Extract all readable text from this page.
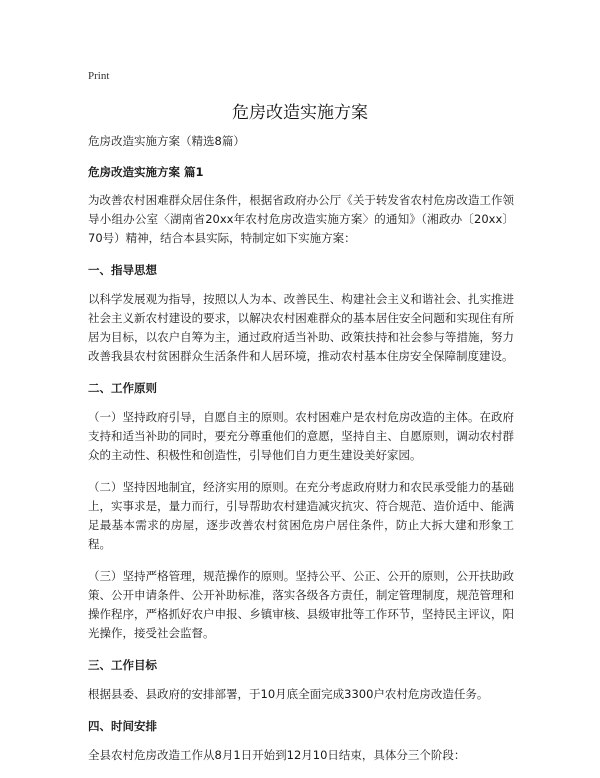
Print
危房改造实施方案

危房改造实施方案（精选8篇）

危房改造实施方案 篇1

为改善农村困难群众居住条件，根据省政府办公厅《关于转发省农村危房改造工作领导小组办公室〈湖南省20xx年农村危房改造实施方案〉的通知》（湘政办〔20xx〕70号）精神，结合本县实际，特制定如下实施方案：

一、指导思想

以科学发展观为指导，按照以人为本、改善民生、构建社会主义和谐社会、扎实推进社会主义新农村建设的要求，以解决农村困难群众的基本居住安全问题和实现住有所居为目标，以农户自筹为主，通过政府适当补助、政策扶持和社会参与等措施，努力改善我县农村贫困群众生活条件和人居环境，推动农村基本住房安全保障制度建设。

二、工作原则

（一）坚持政府引导，自愿自主的原则。农村困难户是农村危房改造的主体。在政府支持和适当补助的同时，要充分尊重他们的意愿，坚持自主、自愿原则，调动农村群众的主动性、积极性和创造性，引导他们自力更生建设美好家园。

（二）坚持因地制宜，经济实用的原则。在充分考虑政府财力和农民承受能力的基础上，实事求是，量力而行，引导帮助农村建造减灾抗灾、符合规范、造价适中、能满足最基本需求的房屋，逐步改善农村贫困危房户居住条件，防止大拆大建和形象工程。

（三）坚持严格管理，规范操作的原则。坚持公平、公正、公开的原则，公开扶助政策、公开申请条件、公开补助标准，落实各级各方责任，制定管理制度，规范管理和操作程序，严格抓好农户申报、乡镇审核、县级审批等工作环节，坚持民主评议，阳光操作，接受社会监督。

三、工作目标

根据县委、县政府的安排部署，于10月底全面完成3300户农村危房改造任务。

四、时间安排

全县农村危房改造工作从8月1日开始到12月10日结束，具体分三个阶段：
